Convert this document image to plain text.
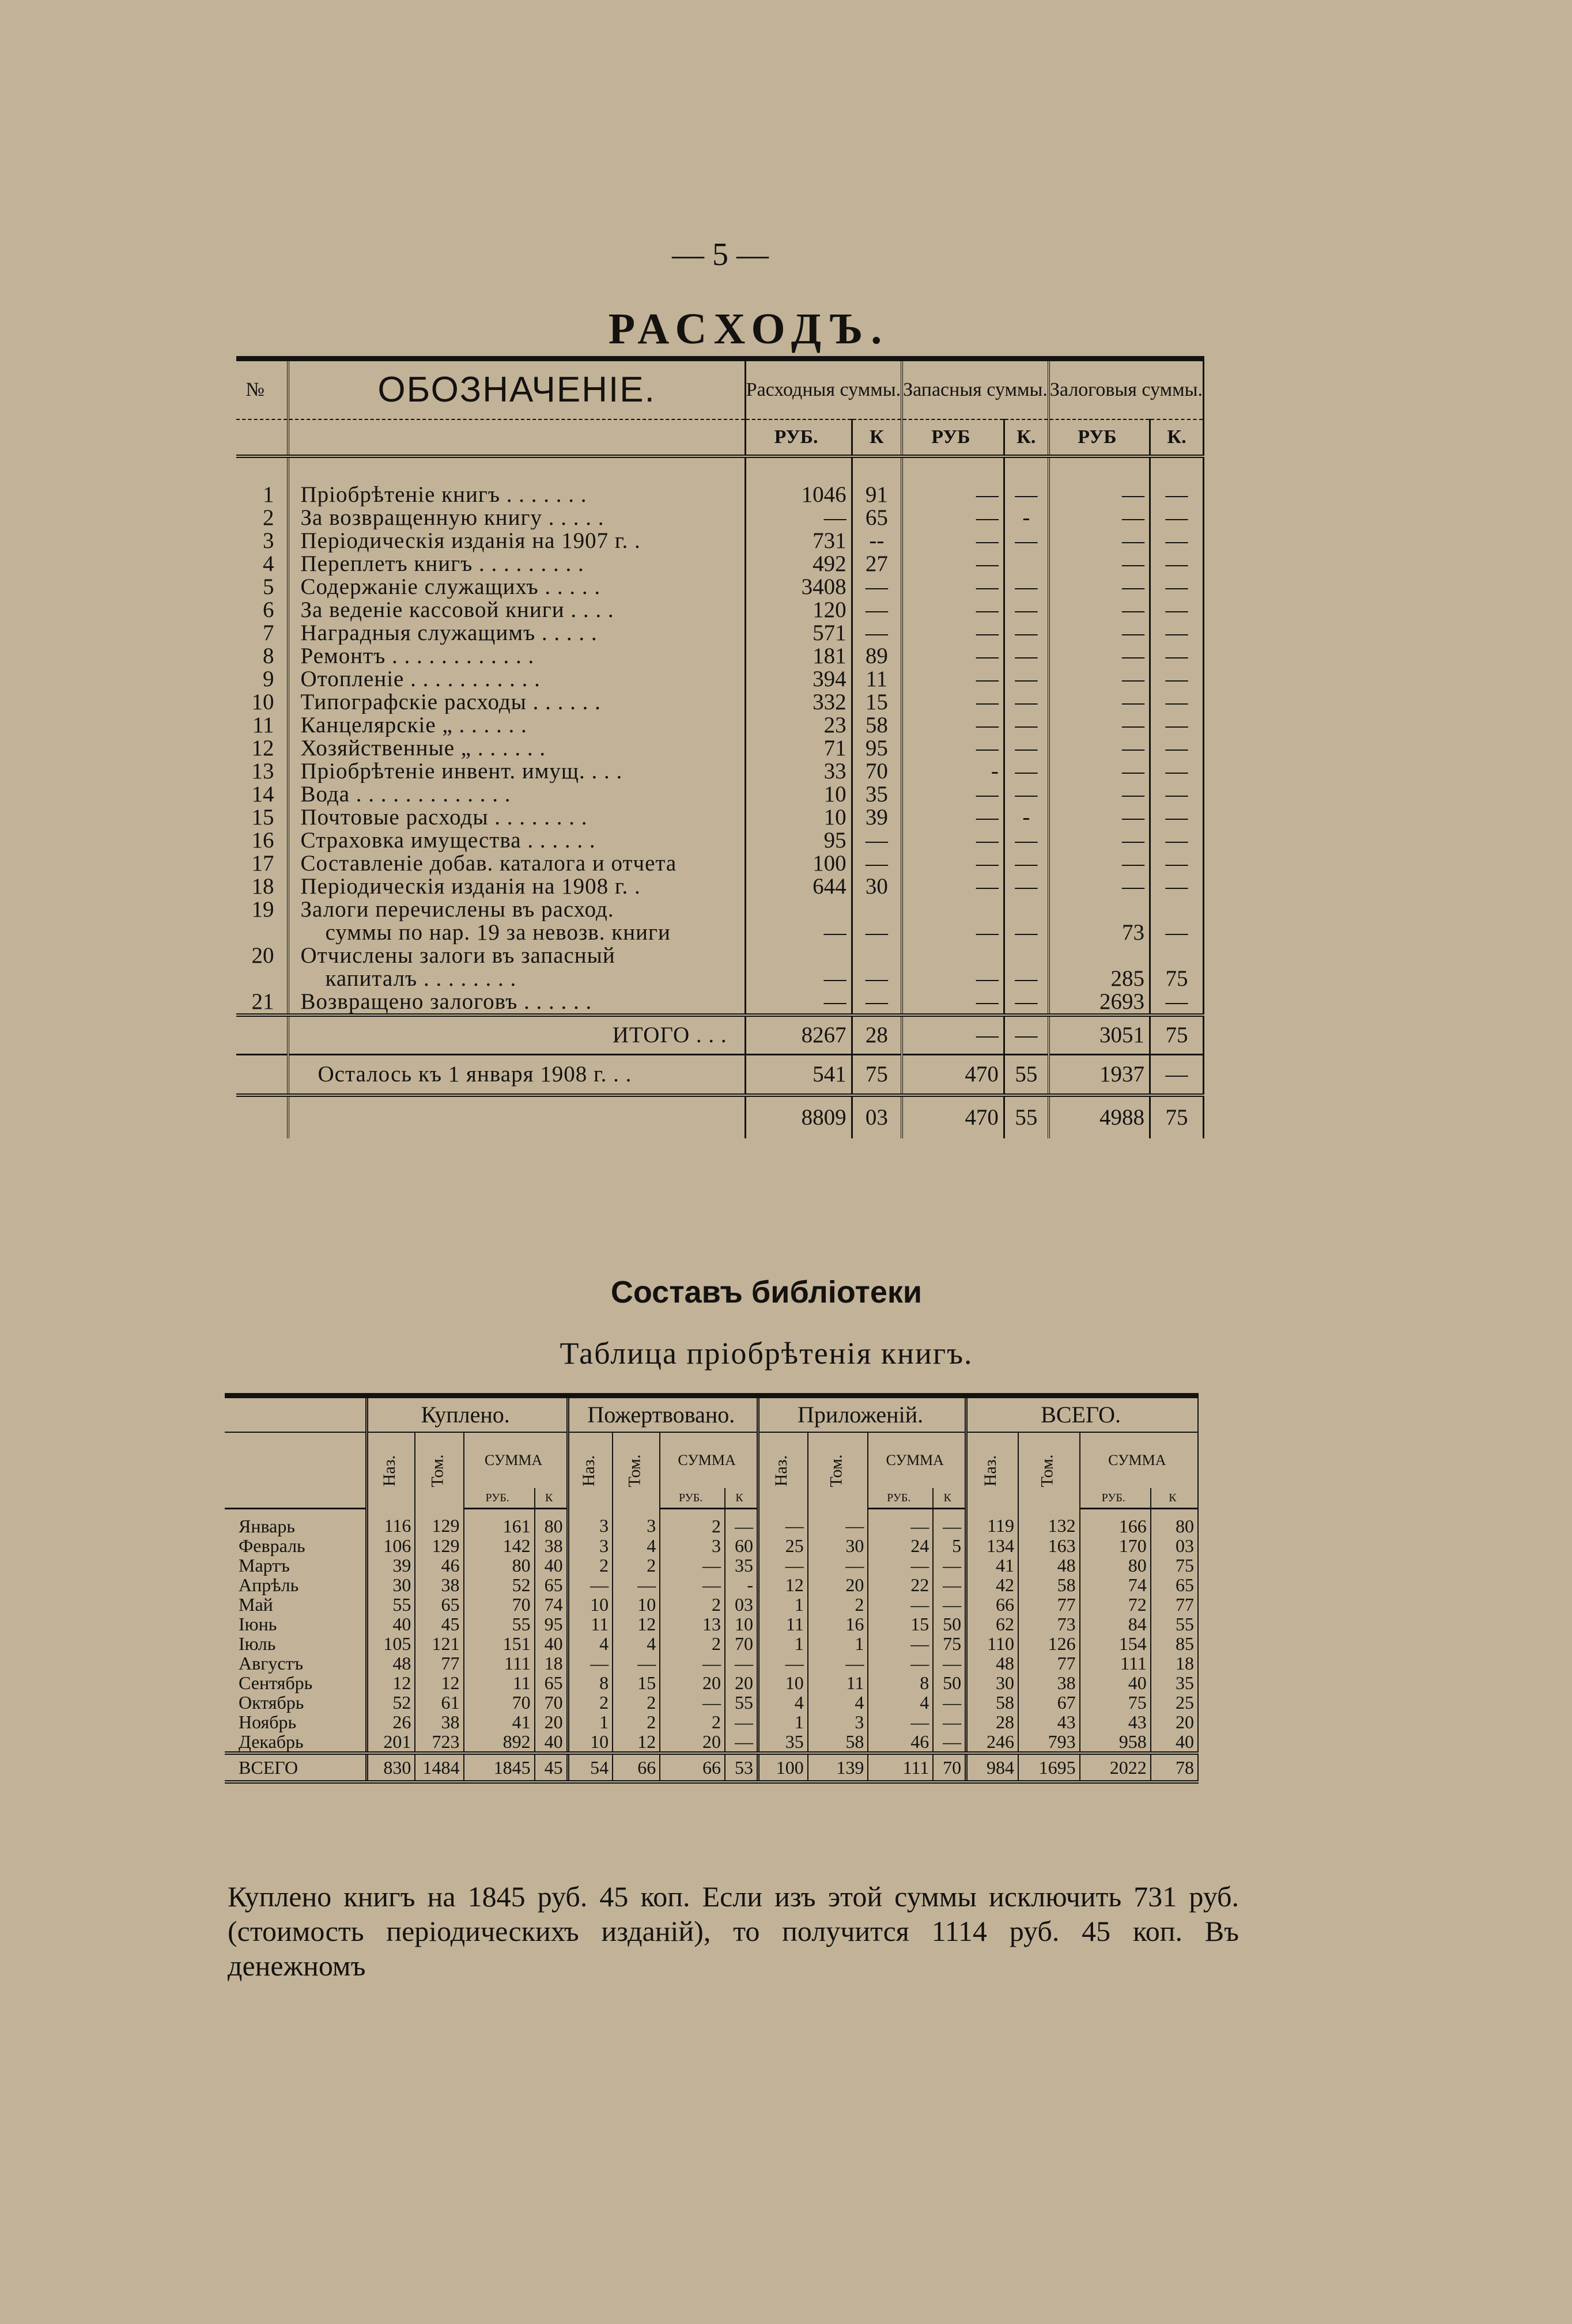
— 5 —
РАСХОДЪ.
№	ОБОЗНАЧЕНІЕ.	Расходныя суммы.		Запасныя суммы.		Залоговыя суммы.	
		РУБ.	К	РУБ	К.	РУБ	К.

1	Пріобрѣтеніе книгъ . . . . . . .	1046	91	—	—	—	—
2	За возвращенную книгу . . . . .	—	65	—	-	—	—
3	Періодическія изданія на 1907 г. .	731	--	—	—	—	—
4	Переплетъ книгъ . . . . . . . . .	492	27	—		—	—
5	Содержаніе служащихъ . . . . .	3408	—	—	—	—	—
6	За веденіе кассовой книги . . . .	120	—	—	—	—	—
7	Наградныя служащимъ . . . . .	571	—	—	—	—	—
8	Ремонтъ . . . . . . . . . . . .	181	89	—	—	—	—
9	Отопленіе . . . . . . . . . . .	394	11	—	—	—	—
10	Типографскіе расходы . . . . . .	332	15	—	—	—	—
11	Канцелярскіе „ . . . . . .	23	58	—	—	—	—
12	Хозяйственные „ . . . . . .	71	95	—	—	—	—
13	Пріобрѣтеніе инвент. имущ. . . .	33	70	-	—	—	—
14	Вода . . . . . . . . . . . . .	10	35	—	—	—	—
15	Почтовые расходы . . . . . . . .	10	39	—	-	—	—
16	Страховка имущества . . . . . .	95	—	—	—	—	—
17	Составленіе добав. каталога и отчета	100	—	—	—	—	—
18	Періодическія изданія на 1908 г. .	644	30	—	—	—	—
19	Залоги перечислены въ расход.						
	суммы по нар. 19 за невозв. книги	—	—	—	—	73	—
20	Отчислены залоги въ запасный						
	капиталъ . . . . . . . .	—	—	—	—	285	75
21	Возвращено залоговъ . . . . . .	—	—	—	—	2693	—
	ИТОГО . . .	8267	28	—	—	3051	75
	Осталось къ 1 января 1908 г. . .	541	75	470	55	1937	—
		8809	03	470	55	4988	75
Составъ библіотеки
Таблица пріобрѣтенія книгъ.
	Куплено.				Пожертвовано.				Приложеній.				ВСЕГО.			
	Наз.	Том.	СУММА		Наз.	Том.	СУММА		Наз.	Том.	СУММА		Наз.	Том.	СУММА	
			РУБ.	К			РУБ.	К			РУБ.	К			РУБ.	К
Январь	116	129	161	80	3	3	2	—	—	—	—	—	119	132	166	80
Февраль	106	129	142	38	3	4	3	60	25	30	24	5	134	163	170	03
Мартъ	39	46	80	40	2	2	—	35	—	—	—	—	41	48	80	75
Апрѣль	30	38	52	65	—	—	—	-	12	20	22	—	42	58	74	65
Май	55	65	70	74	10	10	2	03	1	2	—	—	66	77	72	77
Іюнь	40	45	55	95	11	12	13	10	11	16	15	50	62	73	84	55
Іюль	105	121	151	40	4	4	2	70	1	1	—	75	110	126	154	85
Августъ	48	77	111	18	—	—	—	—	—	—	—	—	48	77	111	18
Сентябрь	12	12	11	65	8	15	20	20	10	11	8	50	30	38	40	35
Октябрь	52	61	70	70	2	2	—	55	4	4	4	—	58	67	75	25
Ноябрь	26	38	41	20	1	2	2	—	1	3	—	—	28	43	43	20
Декабрь	201	723	892	40	10	12	20	—	35	58	46	—	246	793	958	40
ВСЕГО	830	1484	1845	45	54	66	66	53	100	139	111	70	984	1695	2022	78
Куплено книгъ на 1845 руб. 45 коп. Если изъ этой суммы исключить 731 руб. (стоимость періодическихъ изданій), то получится 1114 руб. 45 коп. Въ денежномъ
